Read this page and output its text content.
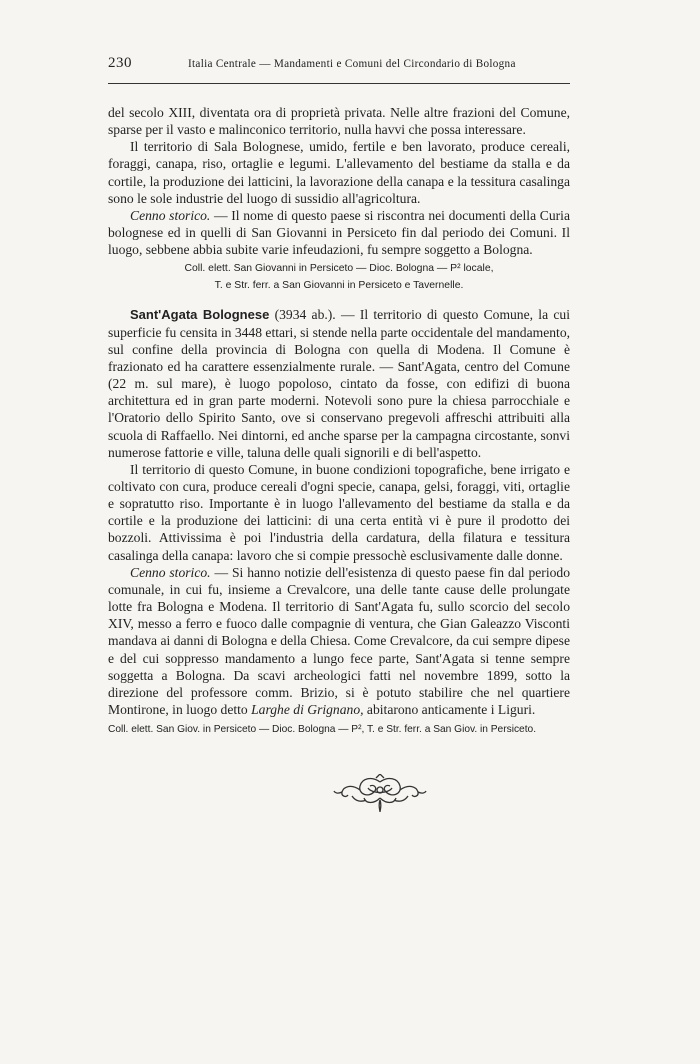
230	Italia Centrale — Mandamenti e Comuni del Circondario di Bologna

del secolo XIII, diventata ora di proprietà privata. Nelle altre frazioni del Comune, sparse per il vasto e malinconico territorio, nulla havvi che possa interessare.

Il territorio di Sala Bolognese, umido, fertile e ben lavorato, produce cereali, foraggi, canapa, riso, ortaglie e legumi. L'allevamento del bestiame da stalla e da cortile, la produzione dei latticini, la lavorazione della canapa e la tessitura casalinga sono le sole industrie del luogo di sussidio all'agricoltura.

Cenno storico. — Il nome di questo paese si riscontra nei documenti della Curia bolognese ed in quelli di San Giovanni in Persiceto fin dal periodo dei Comuni. Il luogo, sebbene abbia subite varie infeudazioni, fu sempre soggetto a Bologna.

Coll. elett. San Giovanni in Persiceto — Dioc. Bologna — P² locale,
T. e Str. ferr. a San Giovanni in Persiceto e Tavernelle.

Sant'Agata Bolognese (3934 ab.). — Il territorio di questo Comune, la cui superficie fu censita in 3448 ettari, si stende nella parte occidentale del mandamento, sul confine della provincia di Bologna con quella di Modena. Il Comune è frazionato ed ha carattere essenzialmente rurale. — Sant'Agata, centro del Comune (22 m. sul mare), è luogo popoloso, cintato da fosse, con edifizi di buona architettura ed in gran parte moderni. Notevoli sono pure la chiesa parrocchiale e l'Oratorio dello Spirito Santo, ove si conservano pregevoli affreschi attribuiti alla scuola di Raffaello. Nei dintorni, ed anche sparse per la campagna circostante, sonvi numerose fattorie e ville, taluna delle quali signorili e di bell'aspetto.

Il territorio di questo Comune, in buone condizioni topografiche, bene irrigato e coltivato con cura, produce cereali d'ogni specie, canapa, gelsi, foraggi, viti, ortaglie e sopratutto riso. Importante è in luogo l'allevamento del bestiame da stalla e da cortile e la produzione dei latticini: di una certa entità vi è pure il prodotto dei bozzoli. Attivissima è poi l'industria della cardatura, della filatura e tessitura casalinga della canapa: lavoro che si compie pressochè esclusivamente dalle donne.

Cenno storico. — Si hanno notizie dell'esistenza di questo paese fin dal periodo comunale, in cui fu, insieme a Crevalcore, una delle tante cause delle prolungate lotte fra Bologna e Modena. Il territorio di Sant'Agata fu, sullo scorcio del secolo XIV, messo a ferro e fuoco dalle compagnie di ventura, che Gian Galeazzo Visconti mandava ai danni di Bologna e della Chiesa. Come Crevalcore, da cui sempre dipese e del cui soppresso mandamento a lungo fece parte, Sant'Agata si tenne sempre soggetta a Bologna. Da scavi archeologici fatti nel novembre 1899, sotto la direzione del professore comm. Brizio, si è potuto stabilire che nel quartiere Montirone, in luogo detto Larghe di Grignano, abitarono anticamente i Liguri.

Coll. elett. San Giov. in Persiceto — Dioc. Bologna — P², T. e Str. ferr. a San Giov. in Persiceto.
